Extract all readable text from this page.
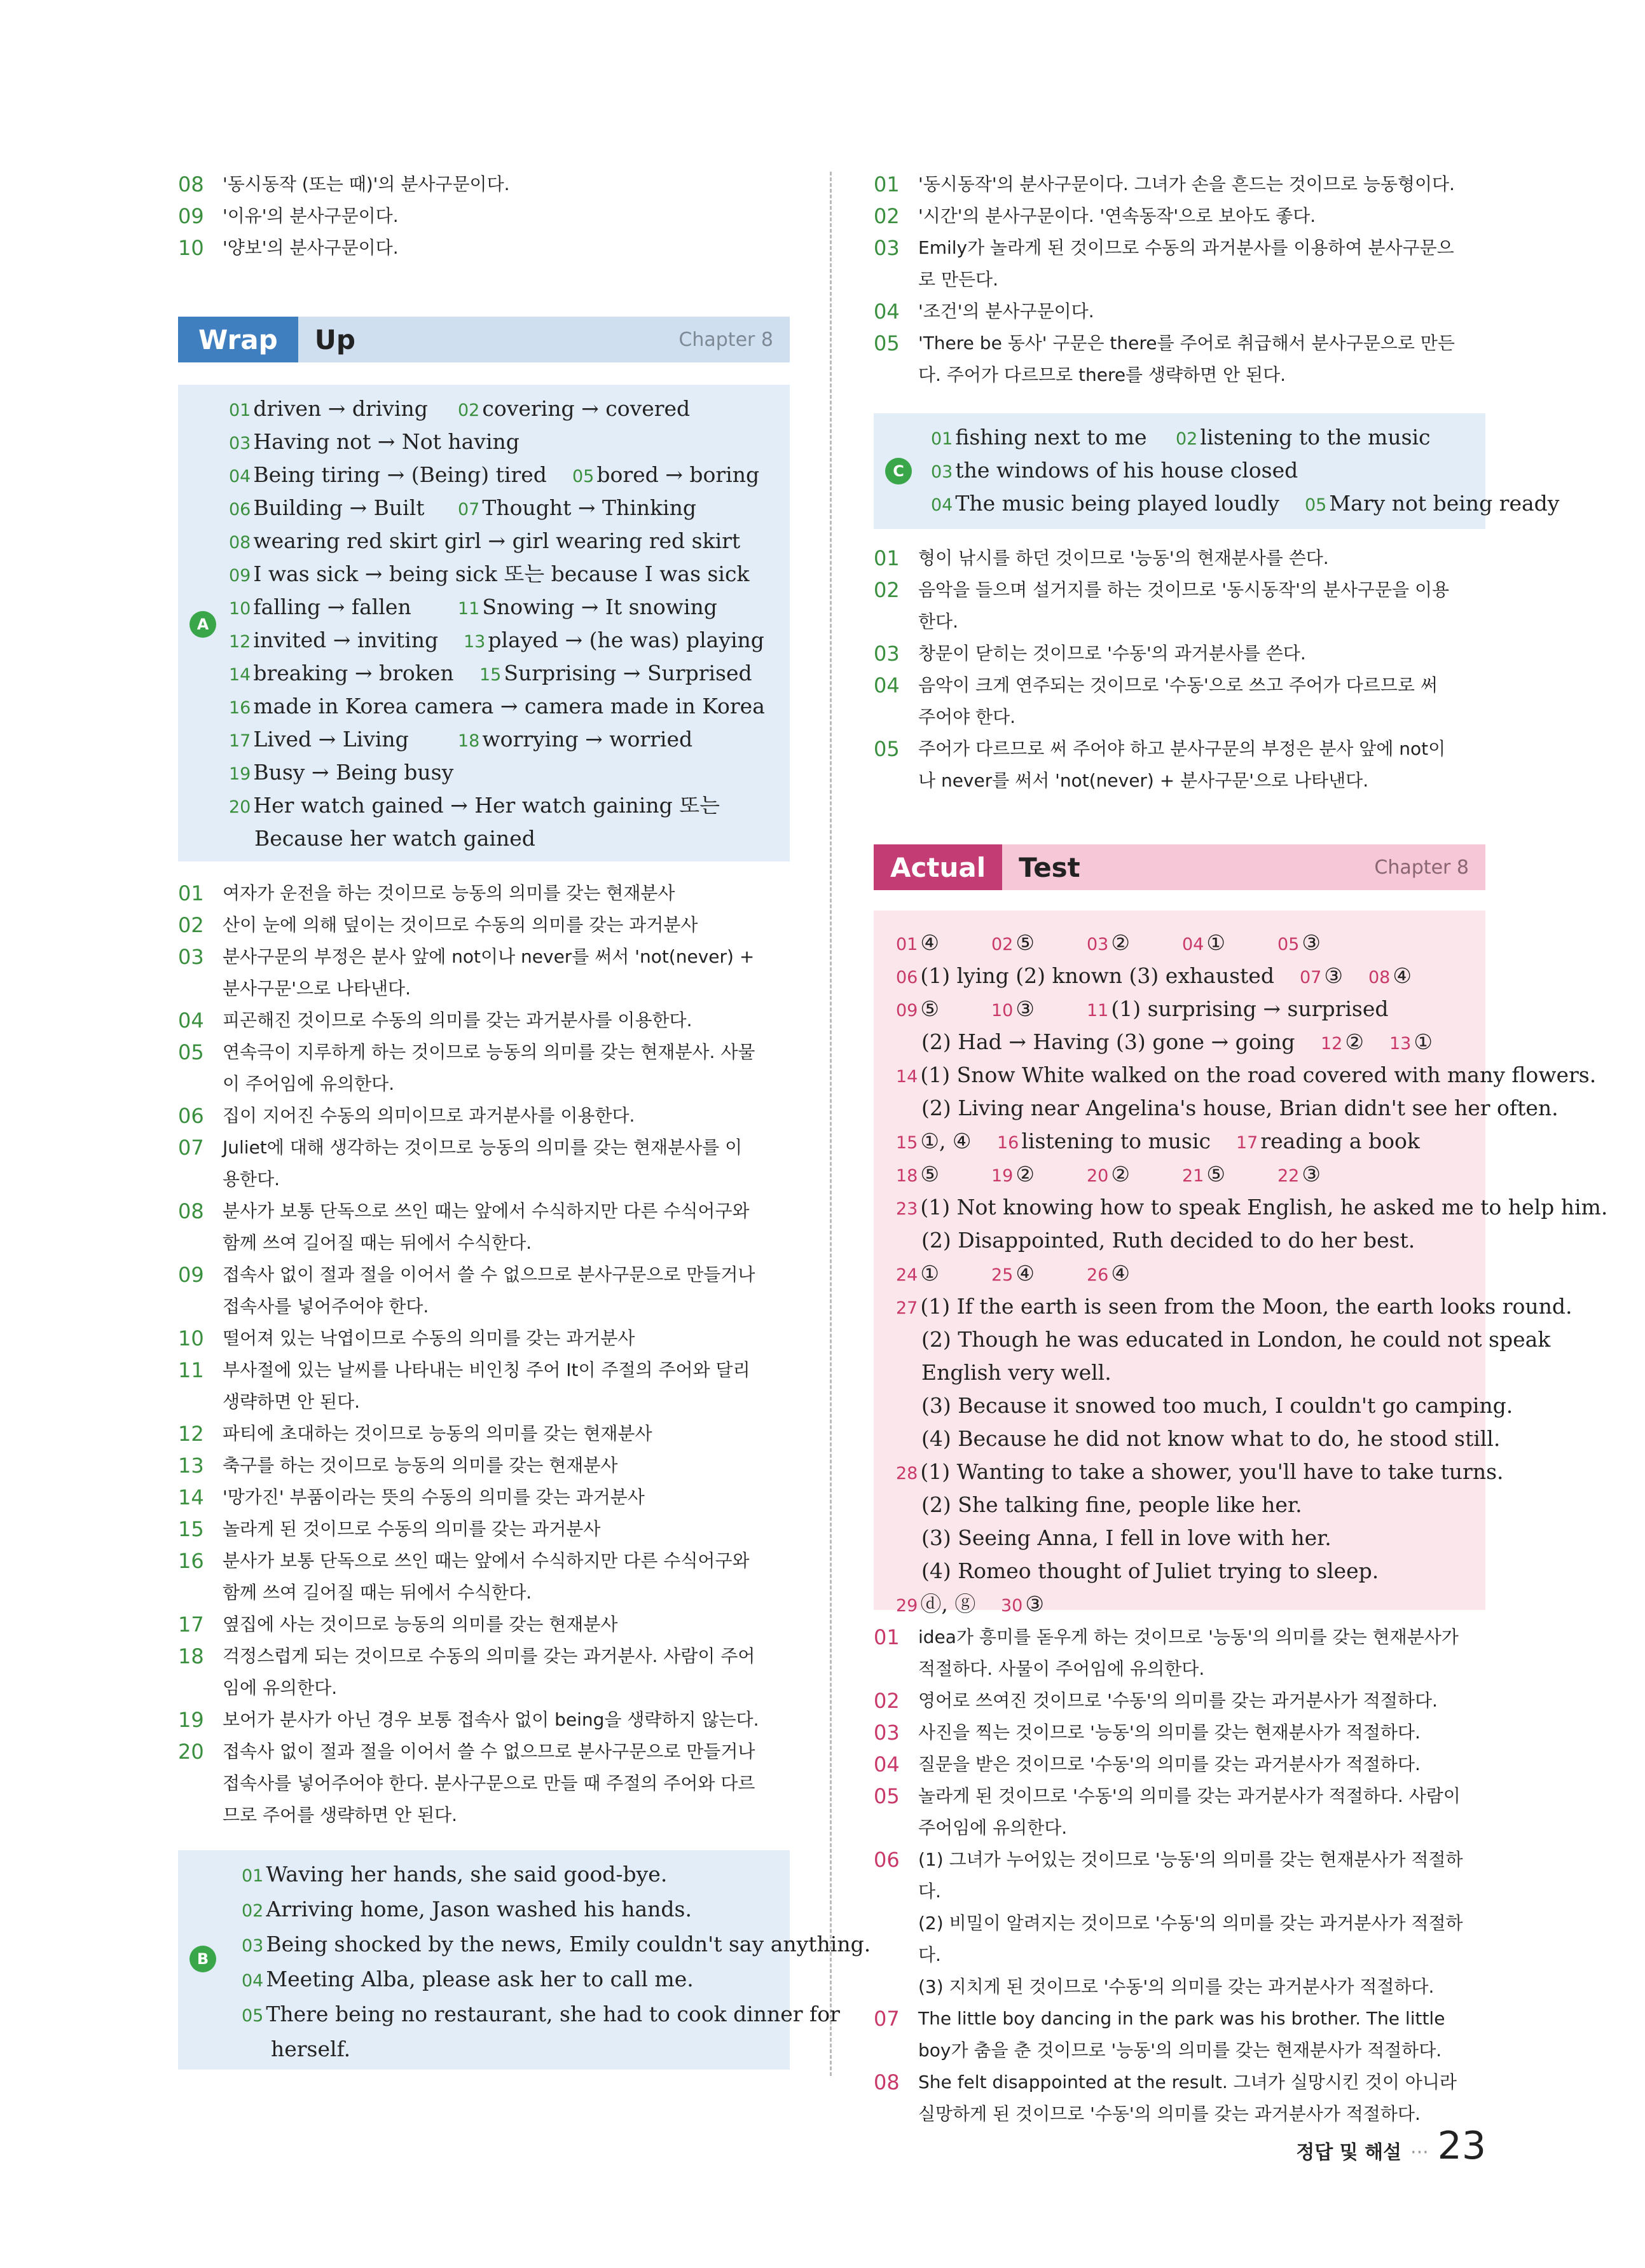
08 '동시동작 (또는 때)'의 분사구문이다.
09 '이유'의 분사구문이다.
10 '양보'의 분사구문이다.
Wrap	Up	Chapter 8
A
01 driven → driving 02 covering → covered
03 Having not → Not having
04 Being tiring → (Being) tired 05 bored → boring
06 Building → Built 07 Thought → Thinking
08 wearing red skirt girl → girl wearing red skirt
09 I was sick → being sick 또는 because I was sick
10 falling → fallen	11 Snowing → It snowing
12 invited → inviting 13 played → (he was) playing
14 breaking → broken 15 Surprising → Surprised
16 made in Korea camera → camera made in Korea
17 Lived → Living	18 worrying → worried
19 Busy → Being busy
20 Her watch gained → Her watch gaining 또는
Because her watch gained
01 여자가 운전을 하는 것이므로 능동의 의미를 갖는 현재분사
02 산이 눈에 의해 덮이는 것이므로 수동의 의미를 갖는 과거분사
03 분사구문의 부정은 분사 앞에 not이나 never를 써서 'not(never) +
분사구문'으로 나타낸다.
04 피곤해진 것이므로 수동의 의미를 갖는 과거분사를 이용한다.
05 연속극이 지루하게 하는 것이므로 능동의 의미를 갖는 현재분사. 사물
이 주어임에 유의한다.
06 집이 지어진 수동의 의미이므로 과거분사를 이용한다.
07 Juliet에 대해 생각하는 것이므로 능동의 의미를 갖는 현재분사를 이
용한다.
08 분사가 보통 단독으로 쓰인 때는 앞에서 수식하지만 다른 수식어구와
함께 쓰여 길어질 때는 뒤에서 수식한다.
09 접속사 없이 절과 절을 이어서 쓸 수 없으므로 분사구문으로 만들거나
접속사를 넣어주어야 한다.
10 떨어져 있는 낙엽이므로 수동의 의미를 갖는 과거분사
11 부사절에 있는 날씨를 나타내는 비인칭 주어 It이 주절의 주어와 달리
생략하면 안 된다.
12 파티에 초대하는 것이므로 능동의 의미를 갖는 현재분사
13 축구를 하는 것이므로 능동의 의미를 갖는 현재분사
14 '망가진' 부품이라는 뜻의 수동의 의미를 갖는 과거분사
15 놀라게 된 것이므로 수동의 의미를 갖는 과거분사
16 분사가 보통 단독으로 쓰인 때는 앞에서 수식하지만 다른 수식어구와
함께 쓰여 길어질 때는 뒤에서 수식한다.
17 옆집에 사는 것이므로 능동의 의미를 갖는 현재분사
18 걱정스럽게 되는 것이므로 수동의 의미를 갖는 과거분사. 사람이 주어
임에 유의한다.
19 보어가 분사가 아닌 경우 보통 접속사 없이 being을 생략하지 않는다.
20 접속사 없이 절과 절을 이어서 쓸 수 없으므로 분사구문으로 만들거나
접속사를 넣어주어야 한다. 분사구문으로 만들 때 주절의 주어와 다르
므로 주어를 생략하면 안 된다.
B
01 Waving her hands, she said good-bye.
02 Arriving home, Jason washed his hands.
03 Being shocked by the news, Emily couldn't say anything.
04 Meeting Alba, please ask her to call me.
05 There being no restaurant, she had to cook dinner for
herself.
01 '동시동작'의 분사구문이다. 그녀가 손을 흔드는 것이므로 능동형이다.
02 '시간'의 분사구문이다. '연속동작'으로 보아도 좋다.
03 Emily가 놀라게 된 것이므로 수동의 과거분사를 이용하여 분사구문으
로 만든다.
04 '조건'의 분사구문이다.
05 'There be 동사' 구문은 there를 주어로 취급해서 분사구문으로 만든
다. 주어가 다르므로 there를 생략하면 안 된다.
C
01 fishing next to me 02 listening to the music
03 the windows of his house closed
04 The music being played loudly 05 Mary not being ready
01 형이 낚시를 하던 것이므로 '능동'의 현재분사를 쓴다.
02 음악을 들으며 설거지를 하는 것이므로 '동시동작'의 분사구문을 이용
한다.
03 창문이 닫히는 것이므로 '수동'의 과거분사를 쓴다.
04 음악이 크게 연주되는 것이므로 '수동'으로 쓰고 주어가 다르므로 써
주어야 한다.
05 주어가 다르므로 써 주어야 하고 분사구문의 부정은 분사 앞에 not이
나 never를 써서 'not(never) + 분사구문'으로 나타낸다.
Actual	Test	Chapter 8
01 ④	02 ⑤	03 ②	04 ①	05 ③
06 (1) lying (2) known (3) exhausted 07 ③ 08 ④
09 ⑤	10 ③	11 (1) surprising → surprised
(2) Had → Having (3) gone → going 12 ② 13 ①
14 (1) Snow White walked on the road covered with many flowers.
(2) Living near Angelina's house, Brian didn't see her often.
15 ①, ④ 16 listening to music 17 reading a book
18 ⑤	19 ②	20 ②	21 ⑤	22 ③
23 (1) Not knowing how to speak English, he asked me to help him.
(2) Disappointed, Ruth decided to do her best.
24 ①	25 ④	26 ④
27 (1) If the earth is seen from the Moon, the earth looks round.
(2) Though he was educated in London, he could not speak
English very well.
(3) Because it snowed too much, I couldn't go camping.
(4) Because he did not know what to do, he stood still.
28 (1) Wanting to take a shower, you'll have to take turns.
(2) She talking fine, people like her.
(3) Seeing Anna, I fell in love with her.
(4) Romeo thought of Juliet trying to sleep.
29 ⓓ, ⓖ 30 ③
01 idea가 흥미를 돋우게 하는 것이므로 '능동'의 의미를 갖는 현재분사가
적절하다. 사물이 주어임에 유의한다.
02 영어로 쓰여진 것이므로 '수동'의 의미를 갖는 과거분사가 적절하다.
03 사진을 찍는 것이므로 '능동'의 의미를 갖는 현재분사가 적절하다.
04 질문을 받은 것이므로 '수동'의 의미를 갖는 과거분사가 적절하다.
05 놀라게 된 것이므로 '수동'의 의미를 갖는 과거분사가 적절하다. 사람이
주어임에 유의한다.
06 (1) 그녀가 누어있는 것이므로 '능동'의 의미를 갖는 현재분사가 적절하다.
(2) 비밀이 알려지는 것이므로 '수동'의 의미를 갖는 과거분사가 적절하다.
(3) 지치게 된 것이므로 '수동'의 의미를 갖는 과거분사가 적절하다.
07 The little boy dancing in the park was his brother. The little
boy가 춤을 춘 것이므로 '능동'의 의미를 갖는 현재분사가 적절하다.
08 She felt disappointed at the result. 그녀가 실망시킨 것이 아니라
실망하게 된 것이므로 '수동'의 의미를 갖는 과거분사가 적절하다.
정답 및 해설 ··· 23
